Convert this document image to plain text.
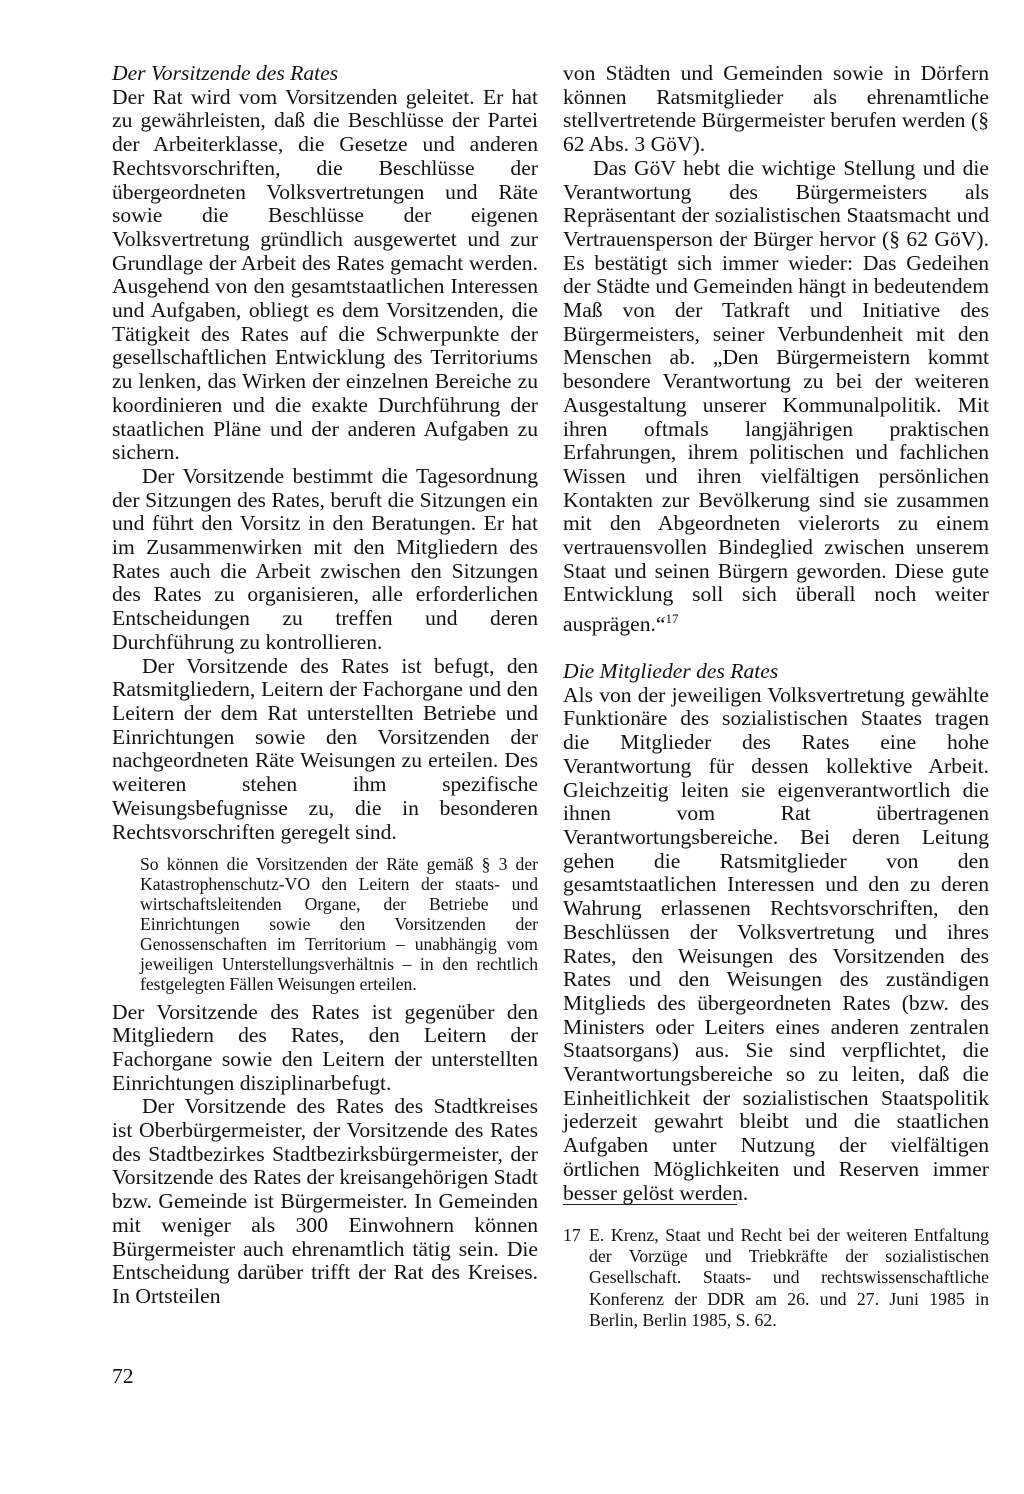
Der Vorsitzende des Rates

Der Rat wird vom Vorsitzenden geleitet. Er hat zu gewährleisten, daß die Beschlüsse der Partei der Arbeiterklasse, die Gesetze und anderen Rechtsvorschriften, die Beschlüsse der übergeordneten Volksvertretungen und Räte sowie die Beschlüsse der eigenen Volksvertretung gründlich ausgewertet und zur Grundlage der Arbeit des Rates gemacht werden. Ausgehend von den gesamtstaatlichen Interessen und Aufgaben, obliegt es dem Vorsitzenden, die Tätigkeit des Rates auf die Schwerpunkte der gesellschaftlichen Entwicklung des Territoriums zu lenken, das Wirken der einzelnen Bereiche zu koordinieren und die exakte Durchführung der staatlichen Pläne und der anderen Aufgaben zu sichern.

Der Vorsitzende bestimmt die Tagesordnung der Sitzungen des Rates, beruft die Sitzungen ein und führt den Vorsitz in den Beratungen. Er hat im Zusammenwirken mit den Mitgliedern des Rates auch die Arbeit zwischen den Sitzungen des Rates zu organisieren, alle erforderlichen Entscheidungen zu treffen und deren Durchführung zu kontrollieren.

Der Vorsitzende des Rates ist befugt, den Ratsmitgliedern, Leitern der Fachorgane und den Leitern der dem Rat unterstellten Betriebe und Einrichtungen sowie den Vorsitzenden der nachgeordneten Räte Weisungen zu erteilen. Des weiteren stehen ihm spezifische Weisungsbefugnisse zu, die in besonderen Rechtsvorschriften geregelt sind.

So können die Vorsitzenden der Räte gemäß § 3 der Katastrophenschutz-VO den Leitern der staats- und wirtschaftsleitenden Organe, der Betriebe und Einrichtungen sowie den Vorsitzenden der Genossenschaften im Territorium – unabhängig vom jeweiligen Unterstellungsverhältnis – in den rechtlich festgelegten Fällen Weisungen erteilen.

Der Vorsitzende des Rates ist gegenüber den Mitgliedern des Rates, den Leitern der Fachorgane sowie den Leitern der unterstellten Einrichtungen disziplinarbefugt.

Der Vorsitzende des Rates des Stadtkreises ist Oberbürgermeister, der Vorsitzende des Rates des Stadtbezirkes Stadtbezirksbürgermeister, der Vorsitzende des Rates der kreisangehörigen Stadt bzw. Gemeinde ist Bürgermeister. In Gemeinden mit weniger als 300 Einwohnern können Bürgermeister auch ehrenamtlich tätig sein. Die Entscheidung darüber trifft der Rat des Kreises. In Ortsteilen

von Städten und Gemeinden sowie in Dörfern können Ratsmitglieder als ehrenamtliche stellvertretende Bürgermeister berufen werden (§ 62 Abs. 3 GöV).

Das GöV hebt die wichtige Stellung und die Verantwortung des Bürgermeisters als Repräsentant der sozialistischen Staatsmacht und Vertrauensperson der Bürger hervor (§ 62 GöV). Es bestätigt sich immer wieder: Das Gedeihen der Städte und Gemeinden hängt in bedeutendem Maß von der Tatkraft und Initiative des Bürgermeisters, seiner Verbundenheit mit den Menschen ab. „Den Bürgermeistern kommt besondere Verantwortung zu bei der weiteren Ausgestaltung unserer Kommunalpolitik. Mit ihren oftmals langjährigen praktischen Erfahrungen, ihrem politischen und fachlichen Wissen und ihren vielfältigen persönlichen Kontakten zur Bevölkerung sind sie zusammen mit den Abgeordneten vielerorts zu einem vertrauensvollen Bindeglied zwischen unserem Staat und seinen Bürgern geworden. Diese gute Entwicklung soll sich überall noch weiter ausprägen.“$^{17}$

Die Mitglieder des Rates

Als von der jeweiligen Volksvertretung gewählte Funktionäre des sozialistischen Staates tragen die Mitglieder des Rates eine hohe Verantwortung für dessen kollektive Arbeit. Gleichzeitig leiten sie eigenverantwortlich die ihnen vom Rat übertragenen Verantwortungsbereiche. Bei deren Leitung gehen die Ratsmitglieder von den gesamtstaatlichen Interessen und den zu deren Wahrung erlassenen Rechtsvorschriften, den Beschlüssen der Volksvertretung und ihres Rates, den Weisungen des Vorsitzenden des Rates und den Weisungen des zuständigen Mitglieds des übergeordneten Rates (bzw. des Ministers oder Leiters eines anderen zentralen Staatsorgans) aus. Sie sind verpflichtet, die Verantwortungsbereiche so zu leiten, daß die Einheitlichkeit der sozialistischen Staatspolitik jederzeit gewahrt bleibt und die staatlichen Aufgaben unter Nutzung der vielfältigen örtlichen Möglichkeiten und Reserven immer besser gelöst werden.

17 E. Krenz, Staat und Recht bei der weiteren Entfaltung der Vorzüge und Triebkräfte der sozialistischen Gesellschaft. Staats- und rechtswissenschaftliche Konferenz der DDR am 26. und 27. Juni 1985 in Berlin, Berlin 1985, S. 62.
72
